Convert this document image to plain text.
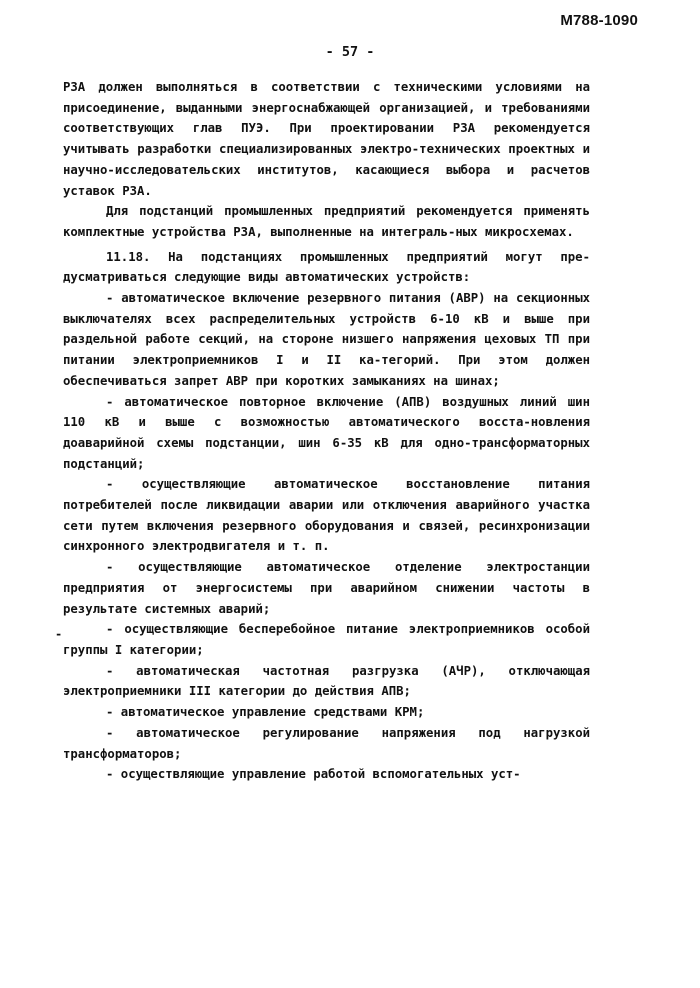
М788-1090
- 57 -

РЗА должен выполняться в соответствии с техническими условиями на присоединение, выданными энергоснабжающей организацией, и требованиями соответствующих глав ПУЭ. При проектировании РЗА рекомендуется учитывать разработки специализированных электро-технических проектных и научно-исследовательских институтов, касающиеся выбора и расчетов уставок РЗА.

Для подстанций промышленных предприятий рекомендуется применять комплектные устройства РЗА, выполненные на интеграль-ных микросхемах.

11.18. На подстанциях промышленных предприятий могут пре-дусматриваться следующие виды автоматических устройств:

- автоматическое включение резервного питания (АВР) на секционных выключателях всех распределительных устройств 6-10 кВ и выше при раздельной работе секций, на стороне низшего напряжения цеховых ТП при питании электроприемников I и II ка-тегорий. При этом должен обеспечиваться запрет АВР при коротких замыканиях на шинах;

- автоматическое повторное включение (АПВ) воздушных линий шин 110 кВ и выше с возможностью автоматического восста-новления доаварийной схемы подстанции, шин 6-35 кВ для одно-трансформаторных подстанций;

- осуществляющие автоматическое восстановление питания потребителей после ликвидации аварии или отключения аварийного участка сети путем включения резервного оборудования и связей, ресинхронизации синхронного электродвигателя и т. п.

- осуществляющие автоматическое отделение электростанции предприятия от энергосистемы при аварийном снижении частоты в результате системных аварий;

- осуществляющие бесперебойное питание электроприемников особой группы I категории;

- автоматическая частотная разгрузка (АЧР), отключающая электроприемники III категории до действия АПВ;

- автоматическое управление средствами КРМ;

- автоматическое регулирование напряжения под нагрузкой трансформаторов;

- осуществляющие управление работой вспомогательных уст-

-
